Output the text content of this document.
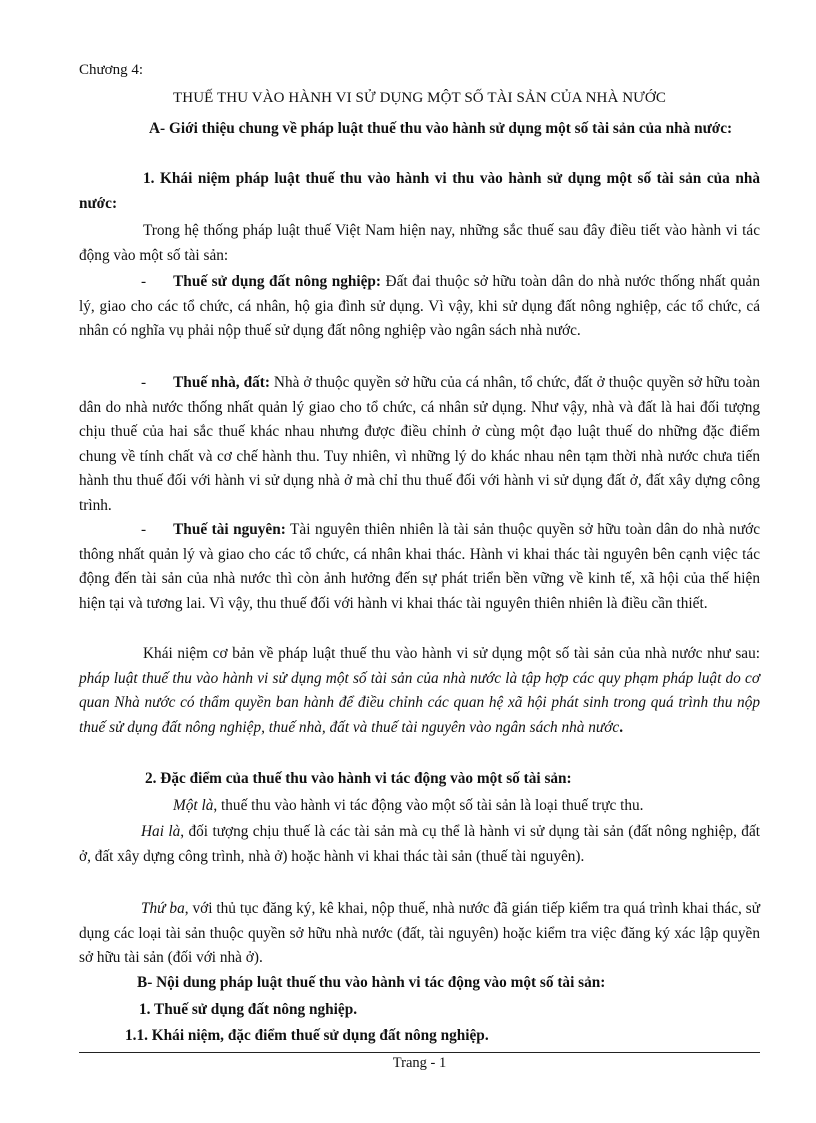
Chương 4:
THUẾ THU VÀO HÀNH VI SỬ DỤNG MỘT SỐ TÀI SẢN CỦA NHÀ NƯỚC
A- Giới thiệu chung về pháp luật thuế thu vào hành sử dụng một số tài sản của nhà nước:
1. Khái niệm pháp luật thuế thu vào hành vi thu vào hành sử dụng một số tài sản của nhà nước:
Trong hệ thống pháp luật thuế Việt Nam hiện nay, những sắc thuế sau đây điều tiết vào hành vi tác động vào một số tài sản:
- Thuế sử dụng đất nông nghiệp: Đất đai thuộc sở hữu toàn dân do nhà nước thống nhất quản lý, giao cho các tổ chức, cá nhân, hộ gia đình sử dụng. Vì vậy, khi sử dụng đất nông nghiệp, các tổ chức, cá nhân có nghĩa vụ phải nộp thuế sử dụng đất nông nghiệp vào ngân sách nhà nước.
- Thuế nhà, đất: Nhà ở thuộc quyền sở hữu của cá nhân, tổ chức, đất ở thuộc quyền sở hữu toàn dân do nhà nước thống nhất quản lý giao cho tổ chức, cá nhân sử dụng. Như vậy, nhà và đất là hai đối tượng chịu thuế của hai sắc thuế khác nhau nhưng được điều chỉnh ở cùng một đạo luật thuế do những đặc điểm chung về tính chất và cơ chế hành thu. Tuy nhiên, vì những lý do khác nhau nên tạm thời nhà nước chưa tiến hành thu thuế đối với hành vi sử dụng nhà ở mà chỉ thu thuế đối với hành vi sử dụng đất ở, đất xây dựng công trình.
- Thuế tài nguyên: Tài nguyên thiên nhiên là tài sản thuộc quyền sở hữu toàn dân do nhà nước thông nhất quản lý và giao cho các tổ chức, cá nhân khai thác. Hành vi khai thác tài nguyên bên cạnh việc tác động đến tài sản của nhà nước thì còn ảnh hưởng đến sự phát triển bền vững về kinh tế, xã hội của thế hiện hiện tại và tương lai. Vì vậy, thu thuế đối với hành vi khai thác tài nguyên thiên nhiên là điều cần thiết.
Khái niệm cơ bản về pháp luật thuế thu vào hành vi sử dụng một số tài sản của nhà nước như sau: pháp luật thuế thu vào hành vi sử dụng một số tài sản của nhà nước là tập hợp các quy phạm pháp luật do cơ quan Nhà nước có thẩm quyền ban hành để điều chỉnh các quan hệ xã hội phát sinh trong quá trình thu nộp thuế sử dụng đất nông nghiệp, thuế nhà, đất và thuế tài nguyên vào ngân sách nhà nước.
2. Đặc điểm của thuế thu vào hành vi tác động vào một số tài sản:
Một là, thuế thu vào hành vi tác động vào một số tài sản là loại thuế trực thu.
Hai là, đối tượng chịu thuế là các tài sản mà cụ thể là hành vi sử dụng tài sản (đất nông nghiệp, đất ở, đất xây dựng công trình, nhà ở) hoặc hành vi khai thác tài sản (thuế tài nguyên).
Thứ ba, với thủ tục đăng ký, kê khai, nộp thuế, nhà nước đã gián tiếp kiểm tra quá trình khai thác, sử dụng các loại tài sản thuộc quyền sở hữu nhà nước (đất, tài nguyên) hoặc kiểm tra việc đăng ký xác lập quyền sở hữu tài sản (đối với nhà ở).
B- Nội dung pháp luật thuế thu vào hành vi tác động vào một số tài sản:
1. Thuế sử dụng đất nông nghiệp.
1.1. Khái niệm, đặc điểm thuế sử dụng đất nông nghiệp.
Trang - 1
